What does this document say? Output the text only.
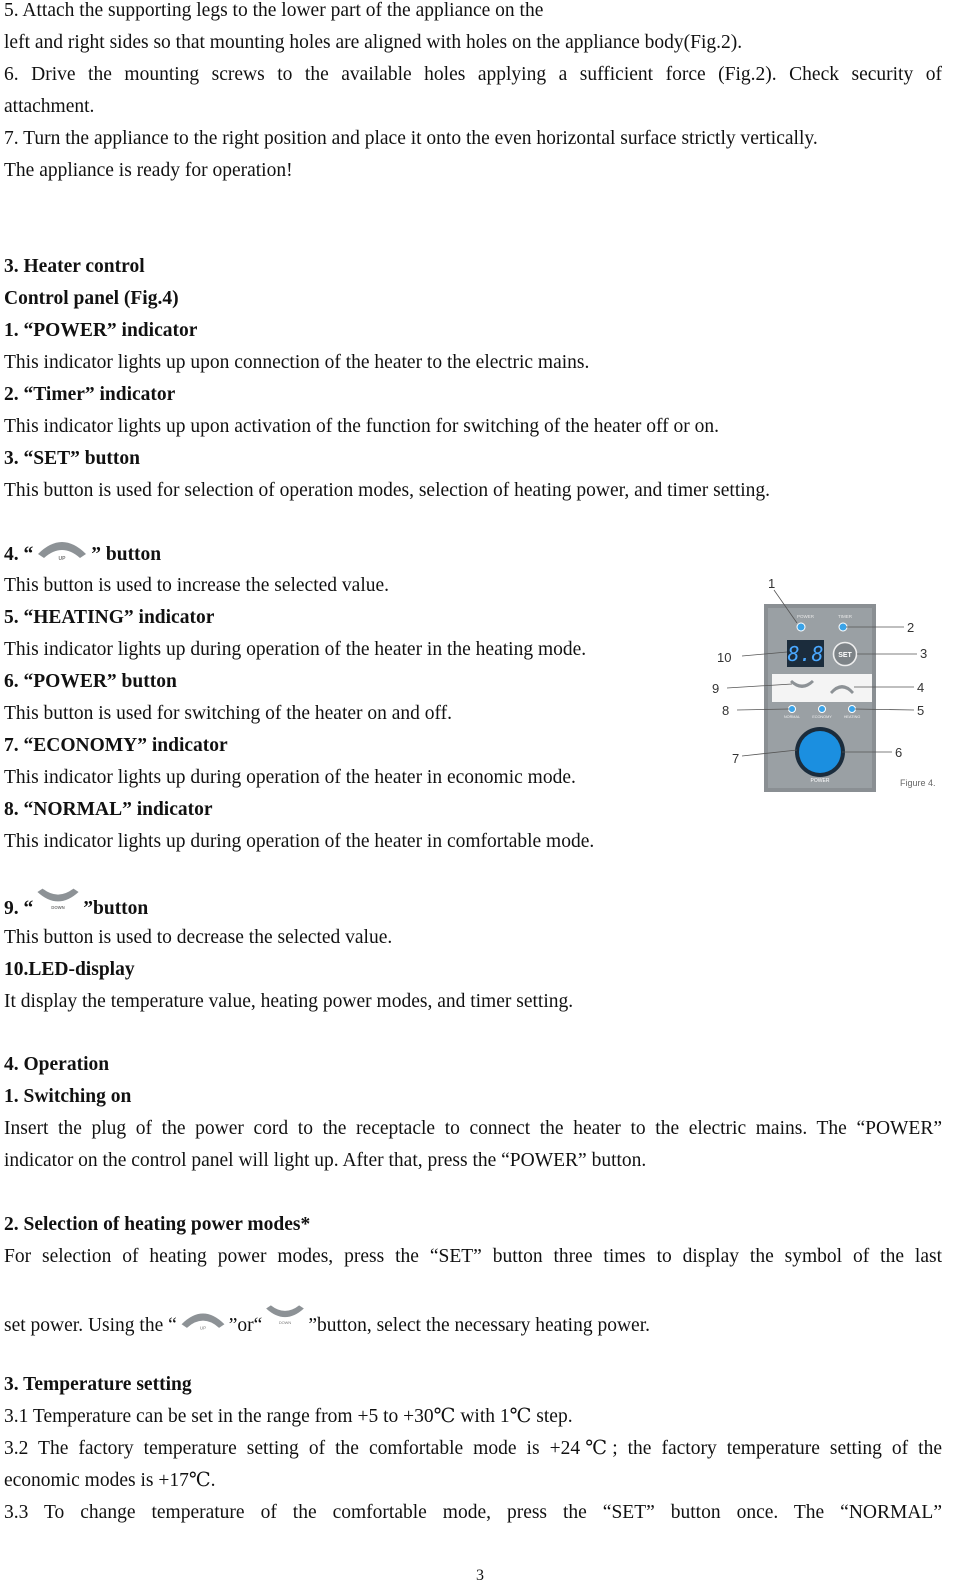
5. Attach the supporting legs to the lower part of the appliance on the
left and right sides so that mounting holes are aligned with holes on the appliance body(Fig.2).
6. Drive the mounting screws to the available holes applying a sufficient force (Fig.2). Check security of
attachment.
7. Turn the appliance to the right position and place it onto the even horizontal surface strictly vertically.
The appliance is ready for operation!
3. Heater control
Control panel (Fig.4)
1. “POWER” indicator
This indicator lights up upon connection of the heater to the electric mains.
2. “Timer” indicator
This indicator lights up upon activation of the function for switching of the heater off or on.
3. “SET” button
This button is used for selection of operation modes, selection of heating power, and timer setting.
4. “	” button
This button is used to increase the selected value.
5. “HEATING” indicator
This indicator lights up during operation of the heater in the heating mode.
6. “POWER” button
This button is used for switching of the heater on and off.
7. “ECONOMY” indicator
This indicator lights up during operation of the heater in economic mode.
8. “NORMAL” indicator
This indicator lights up during operation of the heater in comfortable mode.
9. “	”button
This button is used to decrease the selected value.
10.LED-display
It display the temperature value, heating power modes, and timer setting.
4. Operation
1. Switching on
Insert the plug of the power cord to the receptacle to connect the heater to the electric mains. The “POWER”
indicator on the control panel will light up. After that, press the “POWER” button.
2. Selection of heating power modes*
For selection of heating power modes, press the “SET” button three times to display the symbol of the last
set power. Using the “	”or“ ”button, select the necessary heating power.
3. Temperature setting
3.1 Temperature can be set in the range from +5 to +30℃ with 1℃ step.
3.2 The factory temperature setting of the comfortable mode is +24℃; the factory temperature setting of the
economic modes is +17℃.
3.3 To change temperature of the comfortable mode, press the “SET” button once. The “NORMAL”
3
POWER	TIMER
8.8 SET
NORMAL	ECONOMY	HEATING
POWER
1
2
3
4
5
6
7
8
9
10
Figure 4.
